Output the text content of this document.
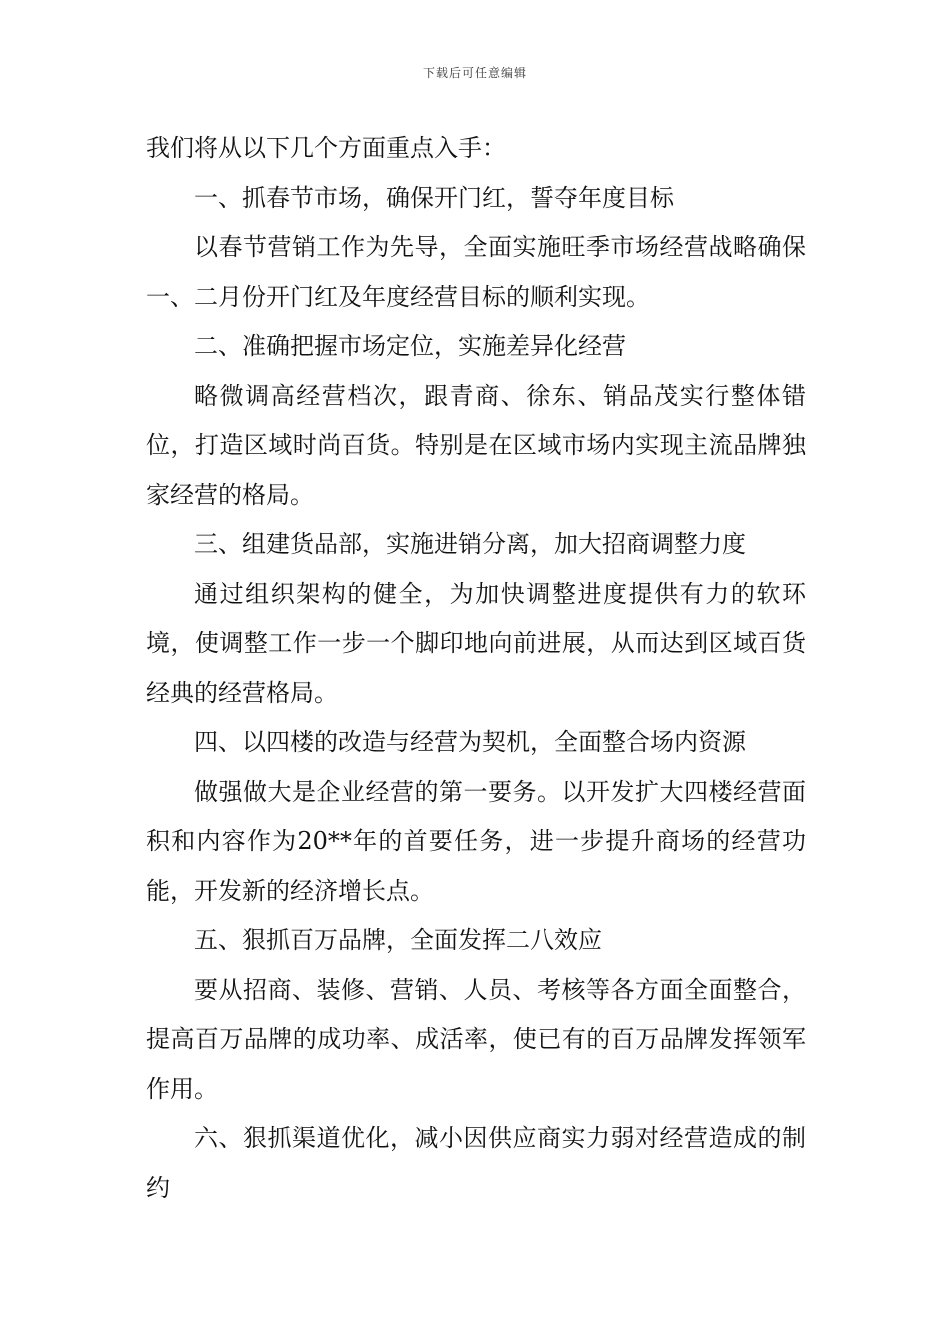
下载后可任意编辑

我们将从以下几个方面重点入手：

一、抓春节市场，确保开门红，誓夺年度目标

以春节营销工作为先导，全面实施旺季市场经营战略确保一、二月份开门红及年度经营目标的顺利实现。

二、准确把握市场定位，实施差异化经营

略微调高经营档次，跟青商、徐东、销品茂实行整体错位，打造区域时尚百货。特别是在区域市场内实现主流品牌独家经营的格局。

三、组建货品部，实施进销分离，加大招商调整力度

通过组织架构的健全，为加快调整进度提供有力的软环境，使调整工作一步一个脚印地向前进展，从而达到区域百货经典的经营格局。

四、以四楼的改造与经营为契机，全面整合场内资源

做强做大是企业经营的第一要务。以开发扩大四楼经营面积和内容作为20**年的首要任务，进一步提升商场的经营功能，开发新的经济增长点。

五、狠抓百万品牌，全面发挥二八效应

要从招商、装修、营销、人员、考核等各方面全面整合，提高百万品牌的成功率、成活率，使已有的百万品牌发挥领军作用。

六、狠抓渠道优化，减小因供应商实力弱对经营造成的制约
